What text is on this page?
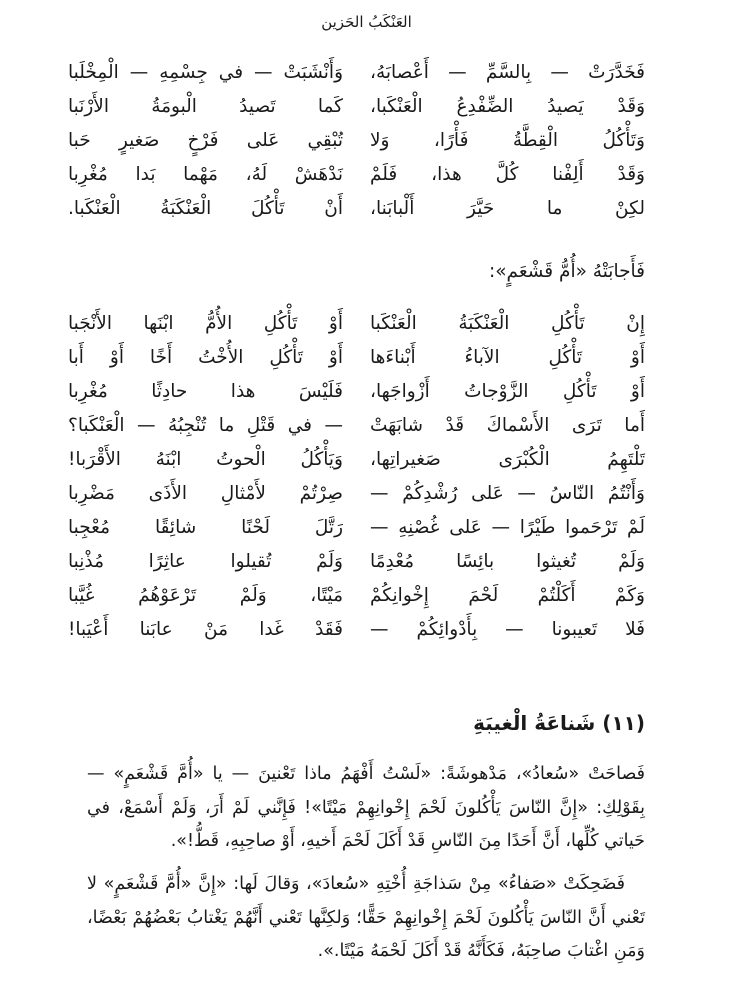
العَنْكَبُ الحَزين
فَخَدَّرَتْ — بِالسَّمِّ — أَعْصابَهُ،
وَأَنْشَبَتْ — في جِسْمِهِ — الْمِخْلَبا
وَقَدْ يَصيدُ الضِّفْدِعُ الْعَنْكَبا،
كَما تَصيدُ الْبومَةُ الأَرْنَبا
وَتَأْكُلُ الْقِطَّةُ فَأْرًا، وَلا
تُبْقِي عَلى فَرْخٍ صَغيرٍ حَبا
وَقَدْ أَلِفْنا كُلَّ هذا، فَلَمْ
نَدْهَشْ لَهُ، مَهْما بَدا مُغْرِبا
لكِنْ ما حَيَّرَ أَلْبابَنا،
أَنْ تَأْكُلَ الْعَنْكَبَةُ الْعَنْكَبا.
فَأَجابَتْهُ «أُمُّ قَشْعَمٍ»:
إِنْ تَأْكُلِ الْعَنْكَبَةُ الْعَنْكَبا
أَوْ تَأْكُلِ الأُمُّ ابْنَها الأَنْجَبا
أَوْ تَأْكُلِ الآباءُ أَبْناءَها
أَوْ تَأْكُلِ الأُخْتُ أَخًا أَوْ أَبا
أَوْ تَأْكُلِ الزَّوْجاتُ أَزْواجَها،
فَلَيْسَ هذا حادِثًا مُغْرِبا
أَما تَرَى الأَسْماكَ قَدْ شابَهَتْ
— في قَتْلِ ما تُنْجِبُهُ — الْعَنْكَبا؟
تَلْتَهِمُ الْكُبْرَى صَغيراتِها،
وَيَأْكُلُ الْحوتُ ابْنَهُ الأَقْرَبا!
وَأَنْتُمُ النّاسُ — عَلى رُشْدِكُمْ —
صِرْتُمْ لأَمْثالِ الأَذَى مَضْرِبا
لَمْ تَرْحَموا طَيْرًا — عَلى غُصْنِهِ —
رَتَّلَ لَحْنًا شائِقًا مُعْجِبا
وَلَمْ تُغيثوا بائِسًا مُعْدِمًا
وَلَمْ تُقيلوا عاثِرًا مُذْنِبا
وَكَمْ أَكَلْتُمْ لَحْمَ إِخْوانِكُمْ
مَيْتًا، وَلَمْ تَرْعَوْهُمُ غُيَّبا
فَلا تَعيبونا — بِأَدْوائِكُمْ —
فَقَدْ غَدا مَنْ عابَنا أَعْيَبا!
(١١) شَناعَةُ الْغيبَةِ

فَصاحَتْ «سُعادُ»، مَدْهوشَةً: «لَسْتُ أَفْهَمُ ماذا تَعْنينَ — يا «أُمَّ قَشْعَمٍ» — بِقَوْلِكِ: «إِنَّ النّاسَ يَأْكُلونَ لَحْمَ إِخْوانِهِمْ مَيْتًا»! فَإِنَّني لَمْ أَرَ، وَلَمْ أَسْمَعْ، في حَياتي كُلِّها، أَنَّ أَحَدًا مِنَ النّاسِ قَدْ أَكَلَ لَحْمَ أَخيهِ، أَوْ صاحِبِهِ، قَطُّ!».

فَضَحِكَتْ «صَفاءُ» مِنْ سَذاجَةِ أُخْتِهِ «سُعادَ»، وَقالَ لَها: «إِنَّ «أُمَّ قَشْعَمٍ» لا تَعْني أَنَّ النّاسَ يَأْكُلونَ لَحْمَ إِخْوانِهِمْ حَقًّا؛ وَلكِنَّها تَعْني أَنَّهُمْ يَغْتابُ بَعْضُهُمْ بَعْضًا، وَمَنِ اغْتابَ صاحِبَهُ، فَكَأَنَّهُ قَدْ أَكَلَ لَحْمَهُ مَيْتًا.».
